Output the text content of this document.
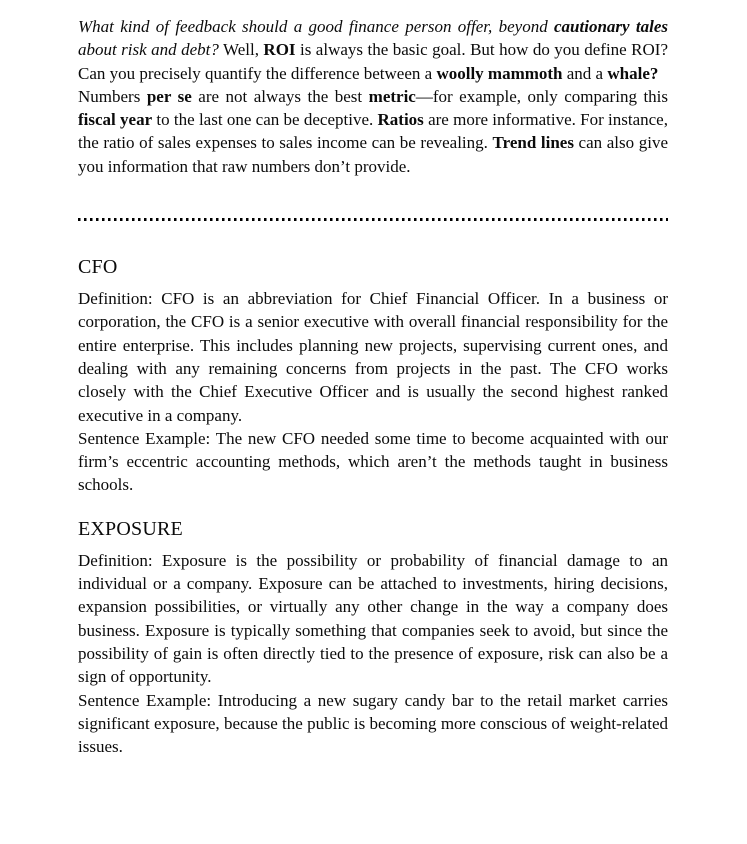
What kind of feedback should a good finance person offer, beyond cautionary tales about risk and debt? Well, ROI is always the basic goal. But how do you define ROI? Can you precisely quantify the difference between a woolly mammoth and a whale?

Numbers per se are not always the best metric—for example, only comparing this fiscal year to the last one can be deceptive. Ratios are more informative. For instance, the ratio of sales expenses to sales income can be revealing. Trend lines can also give you information that raw numbers don’t provide.

CFO

Definition: CFO is an abbreviation for Chief Financial Officer. In a business or corporation, the CFO is a senior executive with overall financial responsibility for the entire enterprise. This includes planning new projects, supervising current ones, and dealing with any remaining concerns from projects in the past. The CFO works closely with the Chief Executive Officer and is usually the second highest ranked executive in a company.

Sentence Example: The new CFO needed some time to become acquainted with our firm’s eccentric accounting methods, which aren’t the methods taught in business schools.

EXPOSURE

Definition: Exposure is the possibility or probability of financial damage to an individual or a company. Exposure can be attached to investments, hiring decisions, expansion possibilities, or virtually any other change in the way a company does business. Exposure is typically something that companies seek to avoid, but since the possibility of gain is often directly tied to the presence of exposure, risk can also be a sign of opportunity.

Sentence Example: Introducing a new sugary candy bar to the retail market carries significant exposure, because the public is becoming more conscious of weight-related issues.
